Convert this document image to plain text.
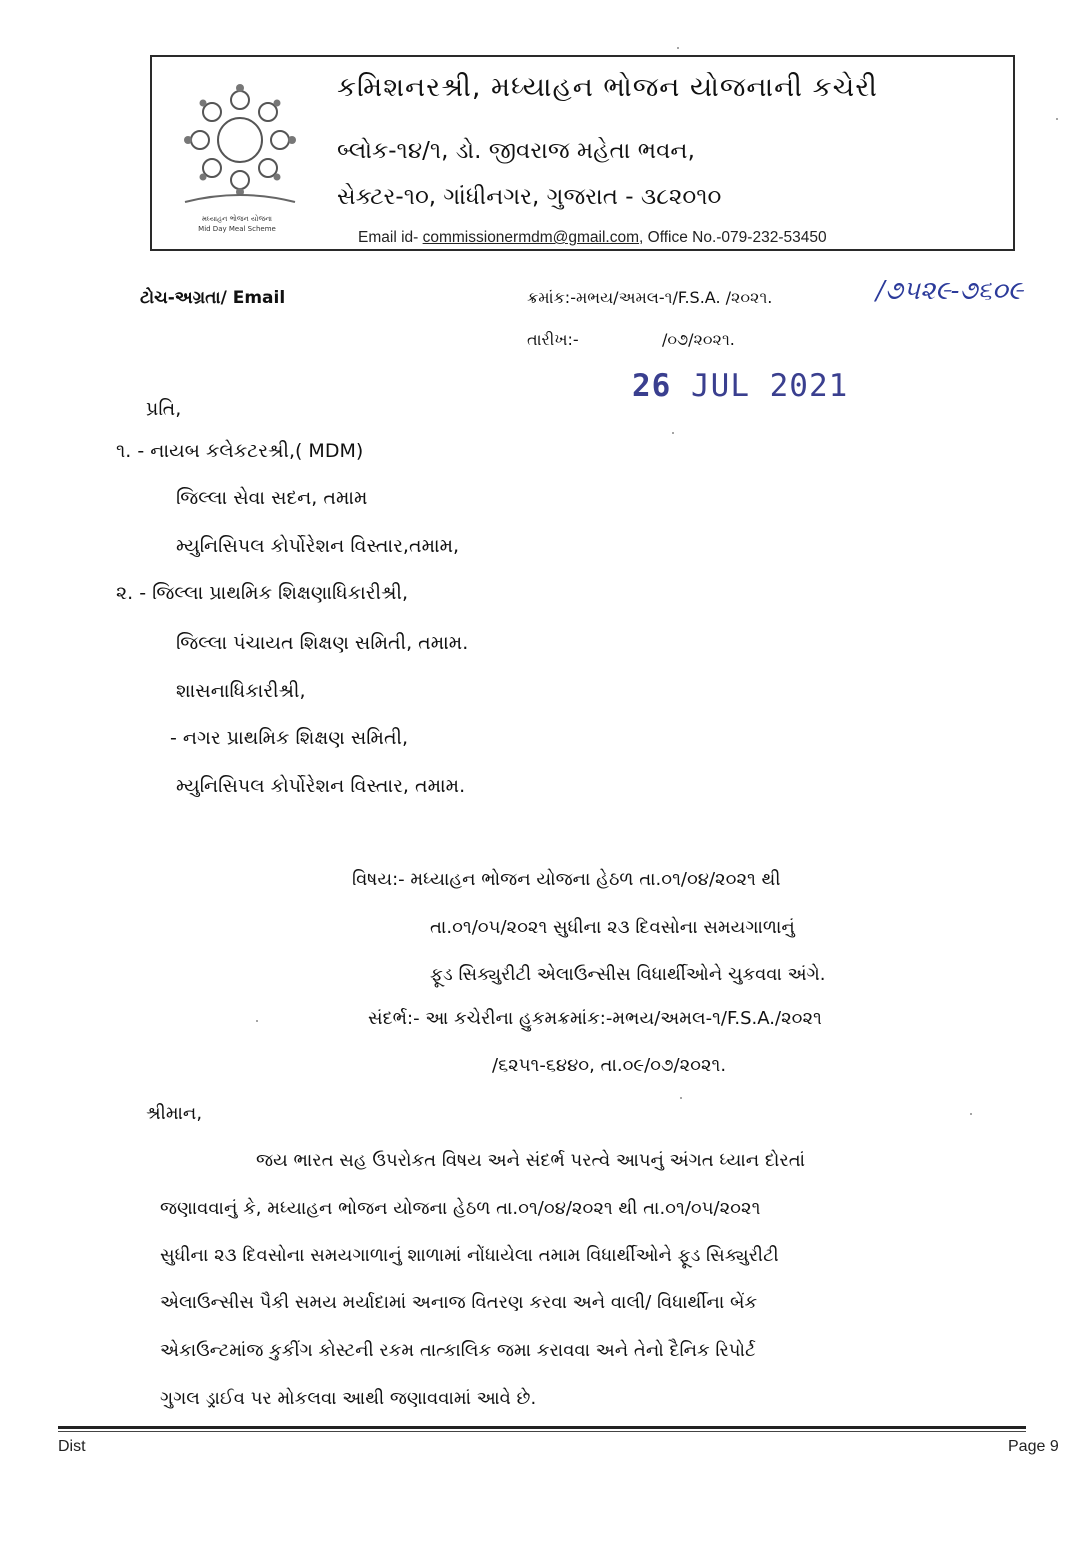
મધ્યાહન ભોજન યોજના
Mid Day Meal Scheme
કમિશનરશ્રી, મધ્યાહન ભોજન યોજનાની કચેરી
બ્લોક-૧૪/૧, ડો. જીવરાજ મહેતા ભવન,
સેક્ટર-૧૦, ગાંધીનગર, ગુજરાત - ૩૮૨૦૧૦
Email id- commissionermdm@gmail.com, Office No.-079-232-53450
ટોચ-અગ્રતા/ Email	ક્રમાંક:-મભય/અમલ-૧/F.S.A. /૨૦૨૧.	/૭૫૨૯-૭૬૦૯
તારીખ:-	/૦૭/૨૦૨૧.
26 JUL 2021
પ્રતિ,
૧. - નાયબ કલેકટરશ્રી,( MDM)
જિલ્લા સેવા સદન, તમામ
મ્યુનિસિપલ કોર્પોરેશન વિસ્તાર,તમામ,
૨. - જિલ્લા પ્રાથમિક શિક્ષણાધિકારીશ્રી,
જિલ્લા પંચાયત શિક્ષણ સમિતી, તમામ.
શાસનાધિકારીશ્રી,
- નગર પ્રાથમિક શિક્ષણ સમિતી,
મ્યુનિસિપલ કોર્પોરેશન વિસ્તાર, તમામ.
વિષય:- મધ્યાહન ભોજન યોજના હેઠળ તા.૦૧/૦૪/૨૦૨૧ થી
તા.૦૧/૦૫/૨૦૨૧ સુધીના ૨૩ દિવસોના સમયગાળાનું
ફૂડ સિક્યુરીટી એલાઉન્સીસ વિધાર્થીઓને ચુકવવા અંગે.
સંદર્ભ:- આ કચેરીના હુકમક્રમાંક:-મભય/અમલ-૧/F.S.A./૨૦૨૧
/૬૨૫૧-૬૪૪૦, તા.૦૯/૦૭/૨૦૨૧.
શ્રીમાન,
જય ભારત સહ ઉપરોકત વિષય અને સંદર્ભ પરત્વે આપનું અંગત ધ્યાન દોરતાં
જણાવવાનું કે, મધ્યાહન ભોજન યોજના હેઠળ તા.૦૧/૦૪/૨૦૨૧ થી તા.૦૧/૦૫/૨૦૨૧
સુધીના ૨૩ દિવસોના સમયગાળાનું શાળામાં નોંધાયેલા તમામ વિધાર્થીઓને ફૂડ સિક્યુરીટી
એલાઉન્સીસ પૈકી સમય મર્યાદામાં અનાજ વિતરણ કરવા અને વાલી/ વિધાર્થીના બેંક
એકાઉન્ટમાંજ કુકીંગ કોસ્ટની રકમ તાત્કાલિક જમા કરાવવા અને તેનો દૈનિક રિપોર્ટ
ગુગલ ડ્રાઈવ પર મોકલવા આથી જણાવવામાં આવે છે.
Dist	Page 9
